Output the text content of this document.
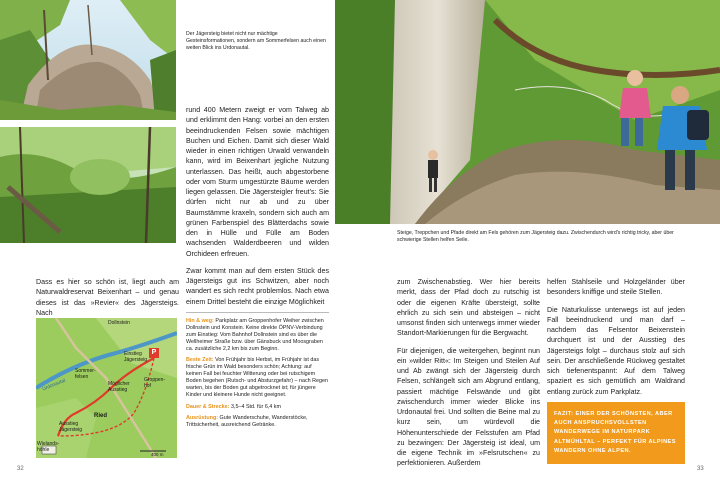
Der Jägersteig bietet nicht nur mächtige Gesteinsformationen, sondern am Sommerfelsen auch einen weiten Blick ins Urdonautal.

rund 400 Metern zweigt er vom Talweg ab und erklimmt den Hang: vorbei an den ersten beeindruckenden Felsen sowie mächtigen Buchen und Eichen. Damit sich dieser Wald wieder in einen richtigen Urwald verwandeln kann, wird im Beixenhart jegliche Nutzung unterlassen. Das heißt, auch abgestorbene oder vom Sturm umgestürzte Bäume werden liegen gelassen. Die Jägersteigler freut's: Sie dürfen nicht nur ab und zu über Baumstämme kraxeln, sondern sich auch am grünen Farbenspiel des Blätterdachs sowie den in Hülle und Fülle am Boden wachsenden Walderdbeeren und wilden Orchideen erfreuen.

Zwar kommt man auf dem ersten Stück des Jägersteigs gut ins Schwitzen, aber noch wandert es sich recht problemlos. Nach etwa einem Drittel besteht die einzige Möglichkeit

Dass es hier so schön ist, liegt auch am Naturwaldreservat Beixenhart – und genau dieses ist das »Revier« des Jägersteigs. Nach
P
Dollnstein
Einstieg
Jägersteig
Sommer-
felsen
Möglicher
Ausstieg
Groppen-
hof
Ried
Ausstieg
Jägersteig
Wielands-
höhle
Urdonautal
400 m

Hin & weg: Parkplatz am Groppenhofer Weiher zwischen Dollnstein und Konstein. Keine direkte ÖPNV-Verbindung zum Einstieg: Vom Bahnhof Dollnstein sind es über die Wellheimer Straße bzw. über Gänsbuck und Moosgraben ca. zusätzliche 2,2 km bis zum Beginn.

Beste Zeit: Von Frühjahr bis Herbst, im Frühjahr ist das frische Grün im Wald besonders schön; Achtung: auf keinen Fall bei feuchter Witterung oder bei rutschigem Boden begehen (Rutsch- und Absturzgefahr) – nach Regen warten, bis der Boden gut abgetrocknet ist; für jüngere Kinder und kleinere Hunde nicht geeignet.

Dauer & Strecke: 3,5–4 Std. für 6,4 km

Ausrüstung: Gute Wanderschuhe, Wanderstöcke, Trittsicherheit, ausreichend Getränke.

32
Steige, Treppchen und Pfade direkt am Fels gehören zum Jägersteig dazu. Zwischendurch wird's richtig tricky, aber über schwierige Stellen helfen Seile.

zum Zwischenabstieg. Wer hier bereits merkt, dass der Pfad doch zu rutschig ist oder die eigenen Kräfte übersteigt, sollte ehrlich zu sich sein und absteigen – nicht umsonst finden sich unterwegs immer wieder Standort-Markierungen für die Bergwacht.

Für diejenigen, die weitergehen, beginnt nun ein »wilder Ritt«: Im Steigen und Steilen Auf und Ab zwängt sich der Jägersteig durch Felsen, schlängelt sich am Abgrund entlang, passiert mächtige Felswände und gibt zwischendurch immer wieder Blicke ins Urdonautal frei. Und sollten die Beine mal zu kurz sein, um würdevoll die Höhenunterschiede der Felsstufen am Pfad zu bezwingen: Der Jägersteig ist ideal, um die eigene Technik im »Felsrutschen« zu perfektionieren. Außerdem

helfen Stahlseile und Holzgeländer über besonders kniffige und steile Stellen.

Die Naturkulisse unterwegs ist auf jeden Fall beeindruckend und man darf – nachdem das Felsentor Beixenstein durchquert ist und der Ausstieg des Jägersteigs folgt – durchaus stolz auf sich sein. Der anschließende Rückweg gestaltet sich tiefenentspannt: Auf dem Talweg spaziert es sich gemütlich am Waldrand entlang zurück zum Parkplatz.

FAZIT: EINER DER SCHÖNSTEN, ABER AUCH ANSPRUCHSVOLLSTEN WANDERWEGE IM NATURPARK ALTMÜHLTAL – PERFEKT FÜR ALPINES WANDERN OHNE ALPEN.
33
